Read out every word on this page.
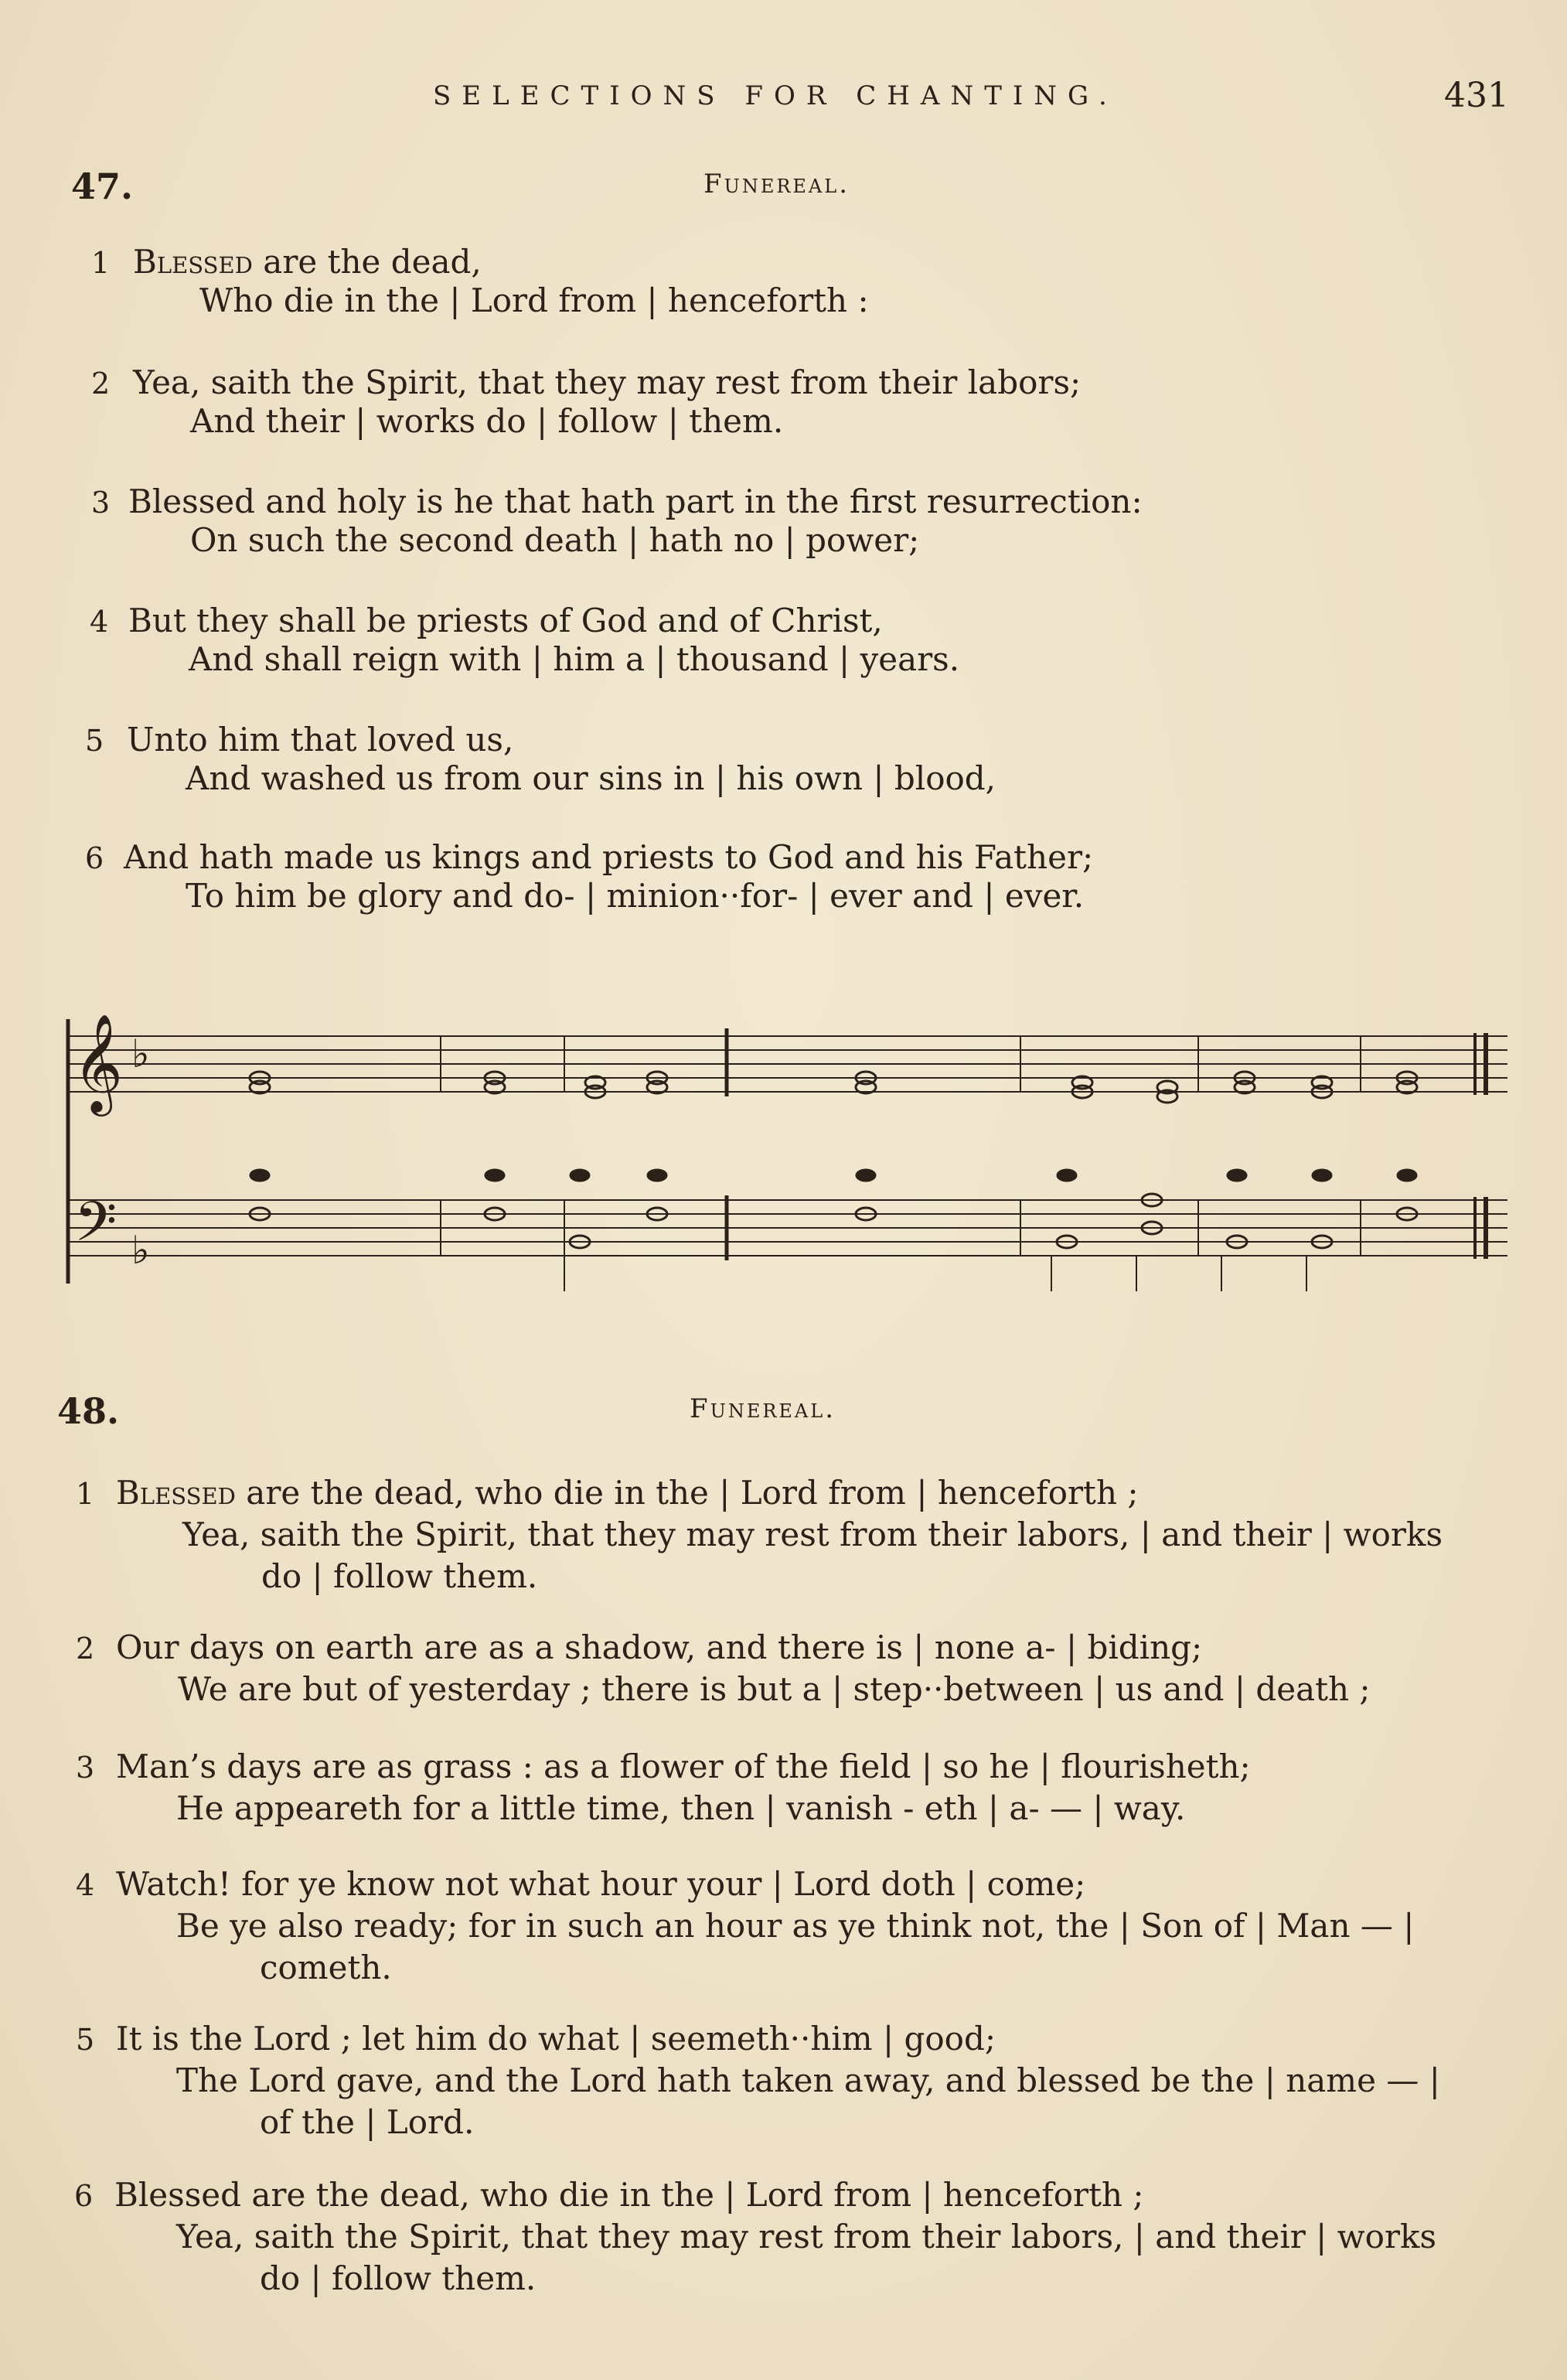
SELECTIONS FOR CHANTING.	431
47.	Funereal.
1 Blessed are the dead,
Who die in the | Lord from | henceforth :
2 Yea, saith the Spirit, that they may rest from their labors;
And their | works do | follow | them.
3 Blessed and holy is he that hath part in the first resurrection:
On such the second death | hath no | power;
4 But they shall be priests of God and of Christ,
And shall reign with | him a | thousand | years.
5 Unto him that loved us,
And washed us from our sins in | his own | blood,
6 And hath made us kings and priests to God and his Father;
To him be glory and do- | minion··for- | ever and | ever.
𝄞 ♭
𝄢 ♭
48.	Funereal.
1 Blessed are the dead, who die in the | Lord from | henceforth ;
Yea, saith the Spirit, that they may rest from their labors, | and their | works
do | follow them.
2 Our days on earth are as a shadow, and there is | none a- | biding;
We are but of yesterday ; there is but a | step··between | us and | death ;
3 Man’s days are as grass : as a flower of the field | so he | flourisheth;
He appeareth for a little time, then | vanish - eth | a- — | way.
4 Watch! for ye know not what hour your | Lord doth | come;
Be ye also ready; for in such an hour as ye think not, the | Son of | Man — |
cometh.
5 It is the Lord ; let him do what | seemeth··him | good;
The Lord gave, and the Lord hath taken away, and blessed be the | name — |
of the | Lord.
6 Blessed are the dead, who die in the | Lord from | henceforth ;
Yea, saith the Spirit, that they may rest from their labors, | and their | works
do | follow them.
